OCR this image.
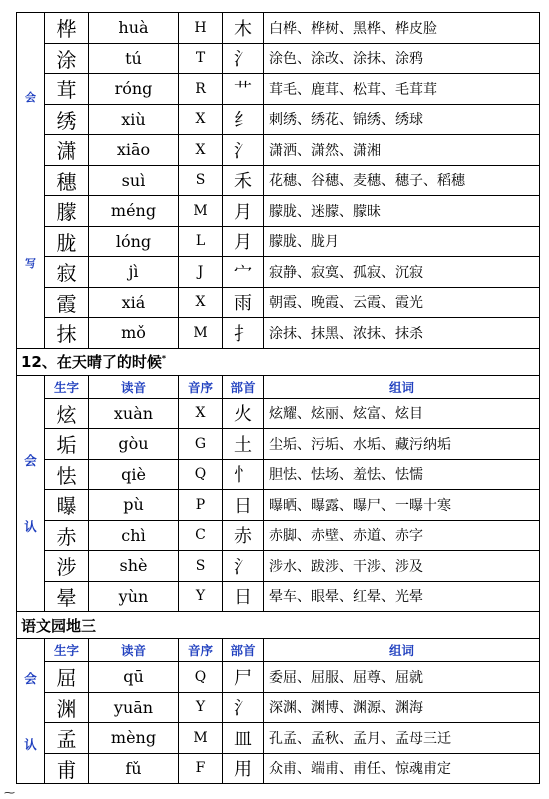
会
写	桦	huà	H	木	白桦、桦树、黑桦、桦皮脸
	涂	tú	T	氵	涂色、涂改、涂抹、涂鸦
	茸	róng	R	艹	茸毛、鹿茸、松茸、毛茸茸
	绣	xiù	X	纟	刺绣、绣花、锦绣、绣球
	潇	xiāo	X	氵	潇洒、潇然、潇湘
	穗	suì	S	禾	花穗、谷穗、麦穗、穗子、稻穗
	朦	méng	M	月	朦胧、迷朦、朦昧
	胧	lóng	L	月	朦胧、胧月
	寂	jì	J	宀	寂静、寂寞、孤寂、沉寂
	霞	xiá	X	雨	朝霞、晚霞、云霞、霞光
	抹	mǒ	M	扌	涂抹、抹黑、浓抹、抹杀
12、在天晴了的时候*

会
认	生字	读音	音序	部首	组词
	炫	xuàn	X	火	炫耀、炫丽、炫富、炫目
	垢	gòu	G	土	尘垢、污垢、水垢、藏污纳垢
	怯	qiè	Q	忄	胆怯、怯场、羞怯、怯懦
	曝	pù	P	日	曝晒、曝露、曝尸、一曝十寒
	赤	chì	C	赤	赤脚、赤壁、赤道、赤字
	涉	shè	S	氵	涉水、跋涉、干涉、涉及
	晕	yùn	Y	日	晕车、眼晕、红晕、光晕
语文园地三					

会
认	生字	读音	音序	部首	组词
	屈	qū	Q	尸	委屈、屈服、屈尊、屈就
	渊	yuān	Y	氵	深渊、渊博、渊源、渊海
	孟	mèng	M	皿	孔孟、孟秋、孟月、孟母三迁
	甫	fǔ	F	用	众甫、端甫、甫任、惊魂甫定
⁓
